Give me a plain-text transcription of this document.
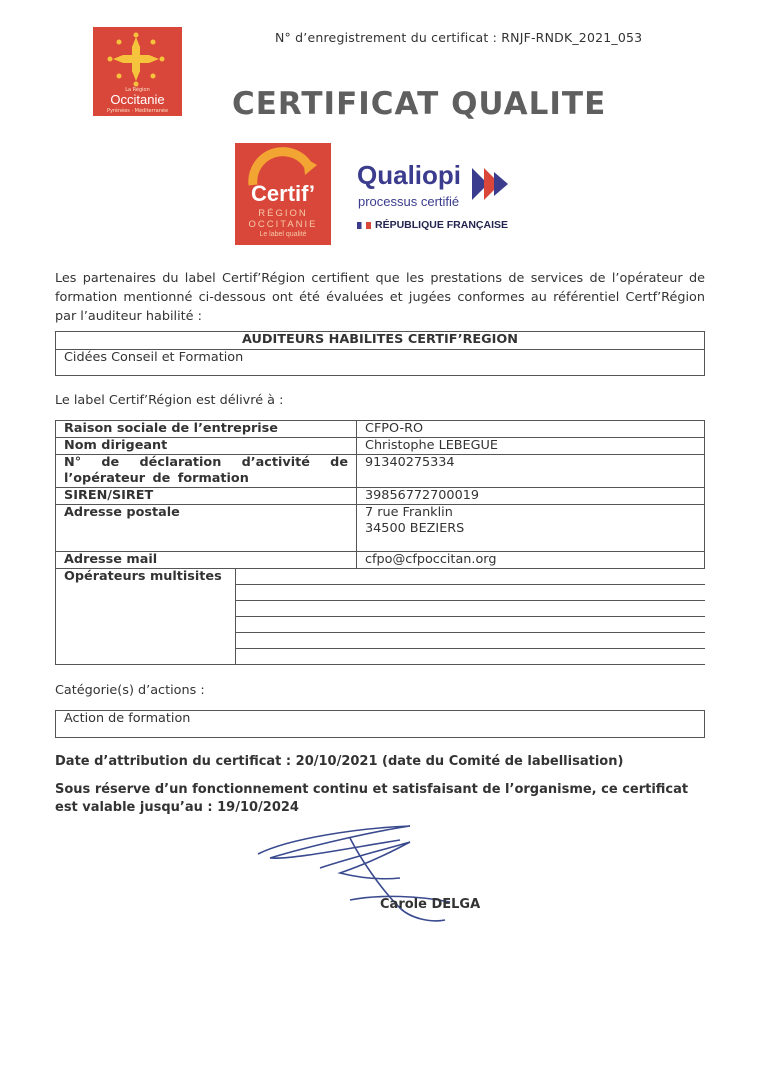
La Région
Occitanie
Pyrénées · Méditerranée
N° d’enregistrement du certificat : RNJF-RNDK_2021_053
CERTIFICAT QUALITE
Certif’
RÉGION
OCCITANIE
Le label qualité
Qualiopi
processus certifié
RÉPUBLIQUE FRANÇAISE
Les partenaires du label Certif’Région certifient que les prestations de services de l’opérateur de formation mentionné ci-dessous ont été évaluées et jugées conformes au référentiel Certf’Région par l’auditeur habilité :
AUDITEURS HABILITES CERTIF’REGION
Cidées Conseil et Formation
Le label Certif’Région est délivré à :
Raison sociale de l’entreprise	CFPO-RO
Nom dirigeant	Christophe LEBEGUE
N° de déclaration d’activité de l’opérateur de formation	91340275334
SIREN/SIRET	39856772700019
Adresse postale	7 rue Franklin
34500 BEZIERS

Adresse mail	cfpo@cfpoccitan.org

Opérateurs multisites	

Catégorie(s) d’actions :
Action de formation
Date d’attribution du certificat : 20/10/2021 (date du Comité de labellisation)
Sous réserve d’un fonctionnement continu et satisfaisant de l’organisme, ce certificat est valable jusqu’au : 19/10/2024
Carole DELGA
